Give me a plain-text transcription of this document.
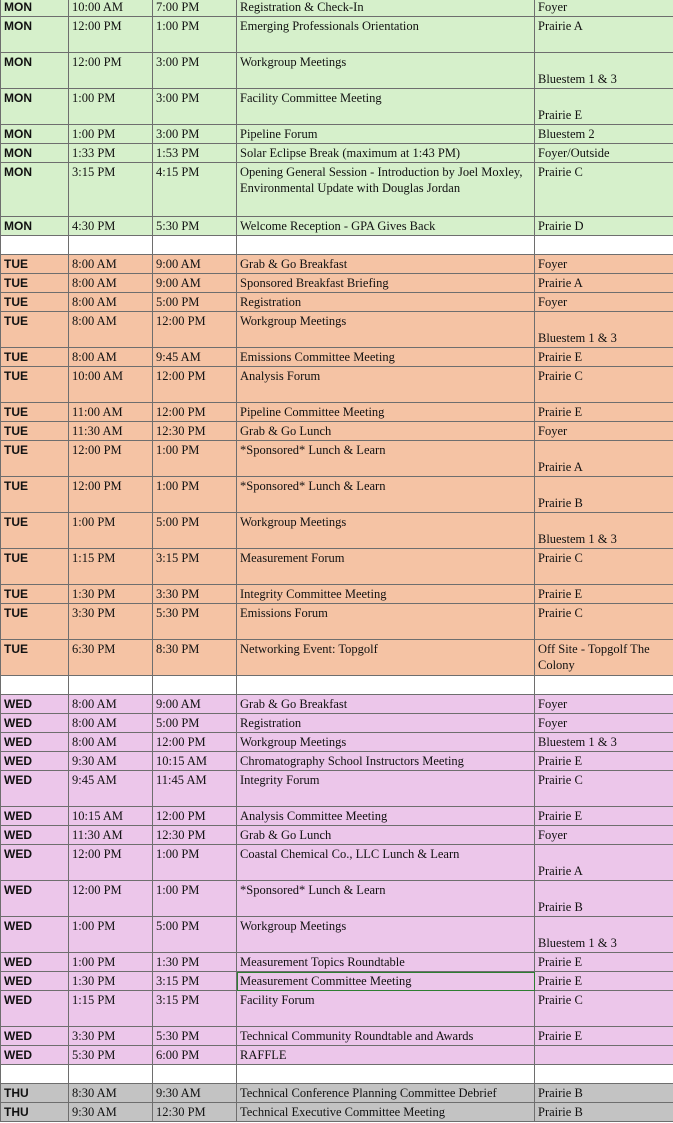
MON	10:00 AM	7:00 PM	Registration & Check-In	Foyer
MON	12:00 PM	1:00 PM	Emerging Professionals Orientation	Prairie A
MON	12:00 PM	3:00 PM	Workgroup Meetings	Bluestem 1 & 3

MON	1:00 PM	3:00 PM	Facility Committee Meeting	Prairie E

MON	1:00 PM	3:00 PM	Pipeline Forum	Bluestem 2
MON	1:33 PM	1:53 PM	Solar Eclipse Break (maximum at 1:43 PM)	Foyer/Outside
MON	3:15 PM	4:15 PM	Opening General Session - Introduction by Joel Moxley, Environmental Update with Douglas Jordan	Prairie C
MON	4:30 PM	5:30 PM	Welcome Reception - GPA Gives Back	Prairie D

TUE	8:00 AM	9:00 AM	Grab & Go Breakfast	Foyer
TUE	8:00 AM	9:00 AM	Sponsored Breakfast Briefing	Prairie A
TUE	8:00 AM	5:00 PM	Registration	Foyer
TUE	8:00 AM	12:00 PM	Workgroup Meetings	Bluestem 1 & 3

TUE	8:00 AM	9:45 AM	Emissions Committee Meeting	Prairie E
TUE	10:00 AM	12:00 PM	Analysis Forum	Prairie C
TUE	11:00 AM	12:00 PM	Pipeline Committee Meeting	Prairie E
TUE	11:30 AM	12:30 PM	Grab & Go Lunch	Foyer
TUE	12:00 PM	1:00 PM	*Sponsored* Lunch & Learn	Prairie A

TUE	12:00 PM	1:00 PM	*Sponsored* Lunch & Learn	Prairie B

TUE	1:00 PM	5:00 PM	Workgroup Meetings	Bluestem 1 & 3

TUE	1:15 PM	3:15 PM	Measurement Forum	Prairie C
TUE	1:30 PM	3:30 PM	Integrity Committee Meeting	Prairie E
TUE	3:30 PM	5:30 PM	Emissions Forum	Prairie C
TUE	6:30 PM	8:30 PM	Networking Event: Topgolf	Off Site - Topgolf The Colony

WED	8:00 AM	9:00 AM	Grab & Go Breakfast	Foyer
WED	8:00 AM	5:00 PM	Registration	Foyer
WED	8:00 AM	12:00 PM	Workgroup Meetings	Bluestem 1 & 3
WED	9:30 AM	10:15 AM	Chromatography School Instructors Meeting	Prairie E
WED	9:45 AM	11:45 AM	Integrity Forum	Prairie C
WED	10:15 AM	12:00 PM	Analysis Committee Meeting	Prairie E
WED	11:30 AM	12:30 PM	Grab & Go Lunch	Foyer
WED	12:00 PM	1:00 PM	Coastal Chemical Co., LLC Lunch & Learn	Prairie A

WED	12:00 PM	1:00 PM	*Sponsored* Lunch & Learn	Prairie B

WED	1:00 PM	5:00 PM	Workgroup Meetings	Bluestem 1 & 3

WED	1:00 PM	1:30 PM	Measurement Topics Roundtable	Prairie E
WED	1:30 PM	3:15 PM	Measurement Committee Meeting	Prairie E
WED	1:15 PM	3:15 PM	Facility Forum	Prairie C
WED	3:30 PM	5:30 PM	Technical Community Roundtable and Awards	Prairie E
WED	5:30 PM	6:00 PM	RAFFLE	

THU	8:30 AM	9:30 AM	Technical Conference Planning Committee Debrief	Prairie B
THU	9:30 AM	12:30 PM	Technical Executive Committee Meeting	Prairie B
